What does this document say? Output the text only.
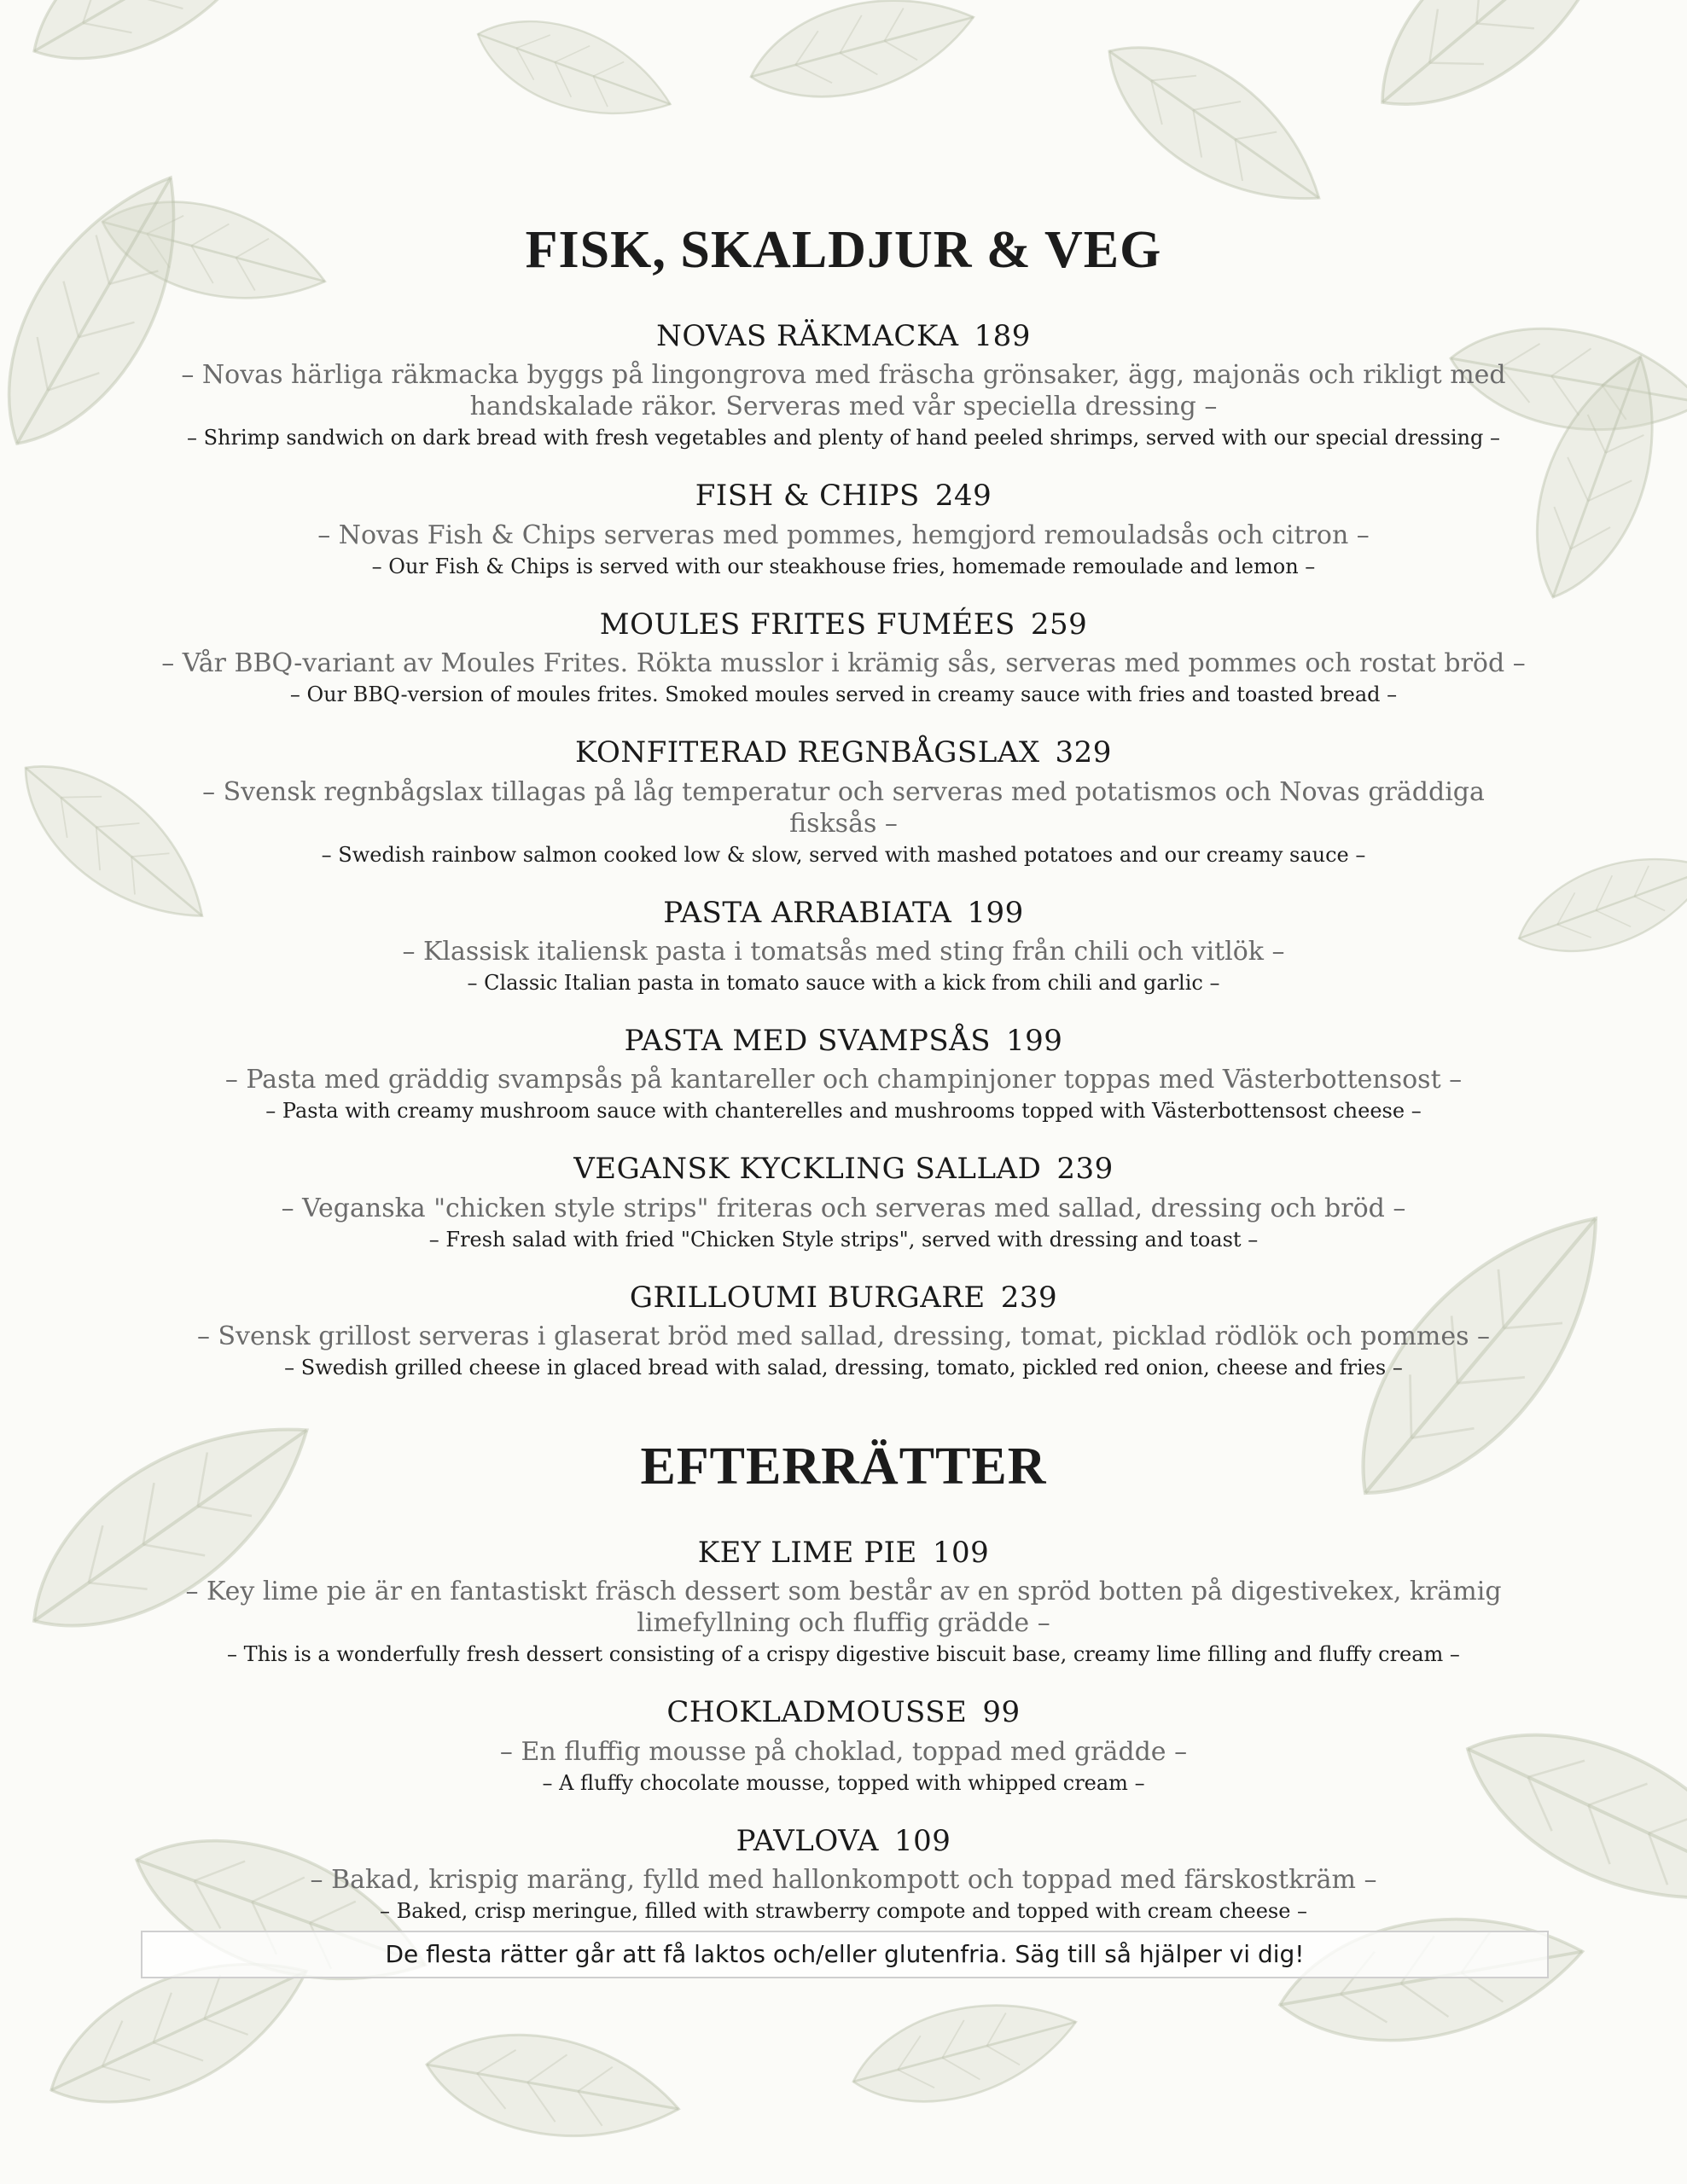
FISK, SKALDJUR & VEG
NOVAS RÄKMACKA 189
– Novas härliga räkmacka byggs på lingongrova med fräscha grönsaker, ägg, majonäs och rikligt med handskalade räkor. Serveras med vår speciella dressing –
– Shrimp sandwich on dark bread with fresh vegetables and plenty of hand peeled shrimps, served with our special dressing –
FISH & CHIPS 249
– Novas Fish & Chips serveras med pommes, hemgjord remouladsås och citron –
– Our Fish & Chips is served with our steakhouse fries, homemade remoulade and lemon –
MOULES FRITES FUMÉES 259
– Vår BBQ-variant av Moules Frites. Rökta musslor i krämig sås, serveras med pommes och rostat bröd –
– Our BBQ-version of moules frites. Smoked moules served in creamy sauce with fries and toasted bread –
KONFITERAD REGNBÅGSLAX 329
– Svensk regnbågslax tillagas på låg temperatur och serveras med potatismos och Novas gräddiga fisksås –
– Swedish rainbow salmon cooked low & slow, served with mashed potatoes and our creamy sauce –
PASTA ARRABIATA 199
– Klassisk italiensk pasta i tomatsås med sting från chili och vitlök –
– Classic Italian pasta in tomato sauce with a kick from chili and garlic –
PASTA MED SVAMPSÅS 199
– Pasta med gräddig svampsås på kantareller och champinjoner toppas med Västerbottensost –
– Pasta with creamy mushroom sauce with chanterelles and mushrooms topped with Västerbottensost cheese –
VEGANSK KYCKLING SALLAD 239
– Veganska "chicken style strips" friteras och serveras med sallad, dressing och bröd –
– Fresh salad with fried "Chicken Style strips", served with dressing and toast –
GRILLOUMI BURGARE 239
– Svensk grillost serveras i glaserat bröd med sallad, dressing, tomat, picklad rödlök och pommes –
– Swedish grilled cheese in glaced bread with salad, dressing, tomato, pickled red onion, cheese and fries –
EFTERRÄTTER
KEY LIME PIE 109
– Key lime pie är en fantastiskt fräsch dessert som består av en spröd botten på digestivekex, krämig limefyllning och fluffig grädde –
– This is a wonderfully fresh dessert consisting of a crispy digestive biscuit base, creamy lime filling and fluffy cream –
CHOKLADMOUSSE 99
– En fluffig mousse på choklad, toppad med grädde –
– A fluffy chocolate mousse, topped with whipped cream –
PAVLOVA 109
– Bakad, krispig maräng, fylld med hallonkompott och toppad med färskostkräm –
– Baked, crisp meringue, filled with strawberry compote and topped with cream cheese –
De flesta rätter går att få laktos och/eller glutenfria. Säg till så hjälper vi dig!
